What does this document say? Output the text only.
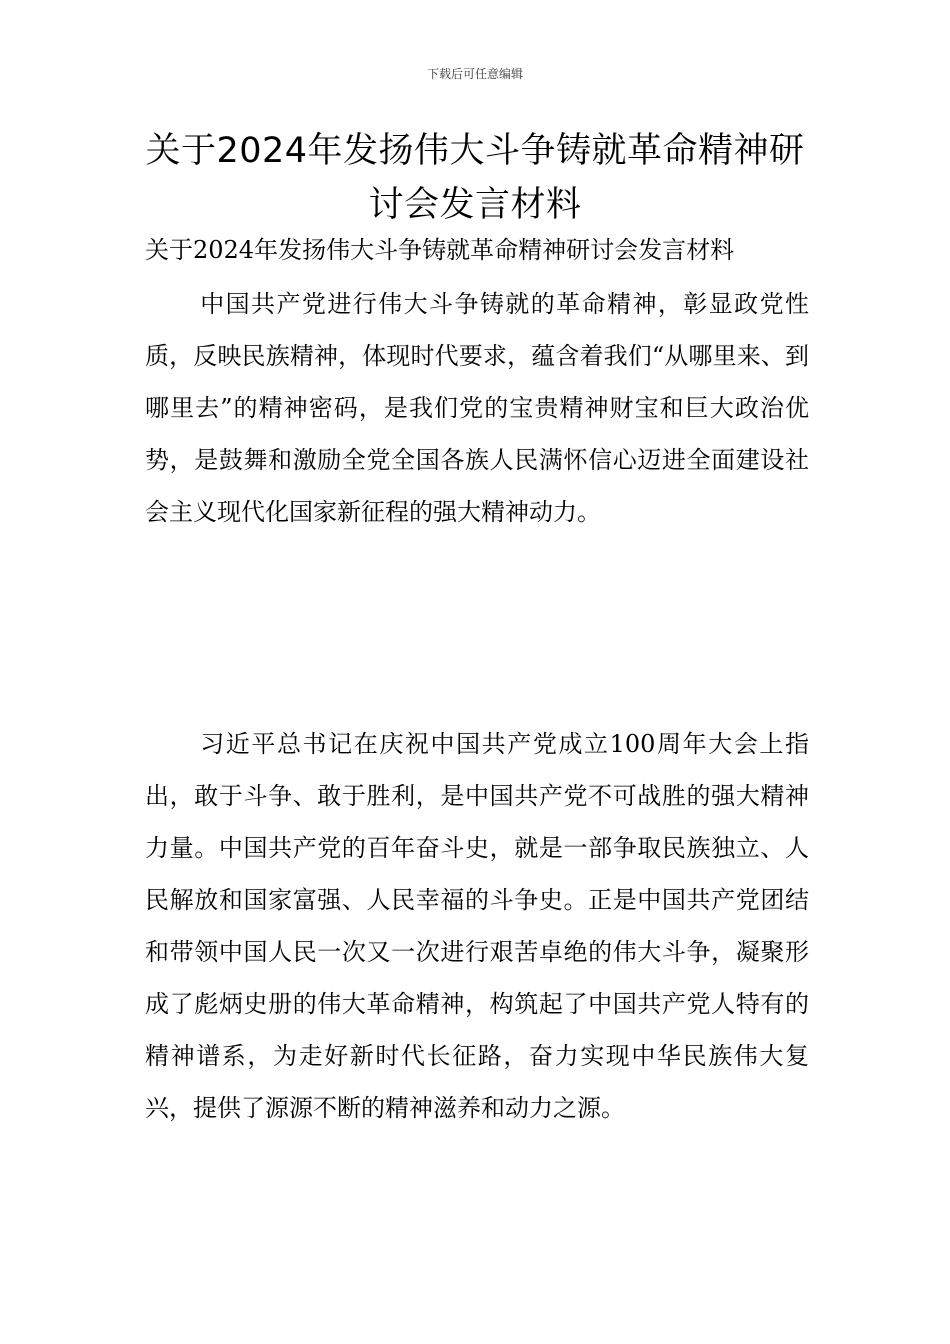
下载后可任意编辑
关于2024年发扬伟大斗争铸就革命精神研讨会发言材料

关于2024年发扬伟大斗争铸就革命精神研讨会发言材料

中国共产党进行伟大斗争铸就的革命精神，彰显政党性质，反映民族精神，体现时代要求，蕴含着我们“从哪里来、到哪里去”的精神密码，是我们党的宝贵精神财宝和巨大政治优势，是鼓舞和激励全党全国各族人民满怀信心迈进全面建设社会主义现代化国家新征程的强大精神动力。

习近平总书记在庆祝中国共产党成立100周年大会上指出，敢于斗争、敢于胜利，是中国共产党不可战胜的强大精神力量。中国共产党的百年奋斗史，就是一部争取民族独立、人民解放和国家富强、人民幸福的斗争史。正是中国共产党团结和带领中国人民一次又一次进行艰苦卓绝的伟大斗争，凝聚形成了彪炳史册的伟大革命精神，构筑起了中国共产党人特有的精神谱系，为走好新时代长征路，奋力实现中华民族伟大复兴，提供了源源不断的精神滋养和动力之源。
